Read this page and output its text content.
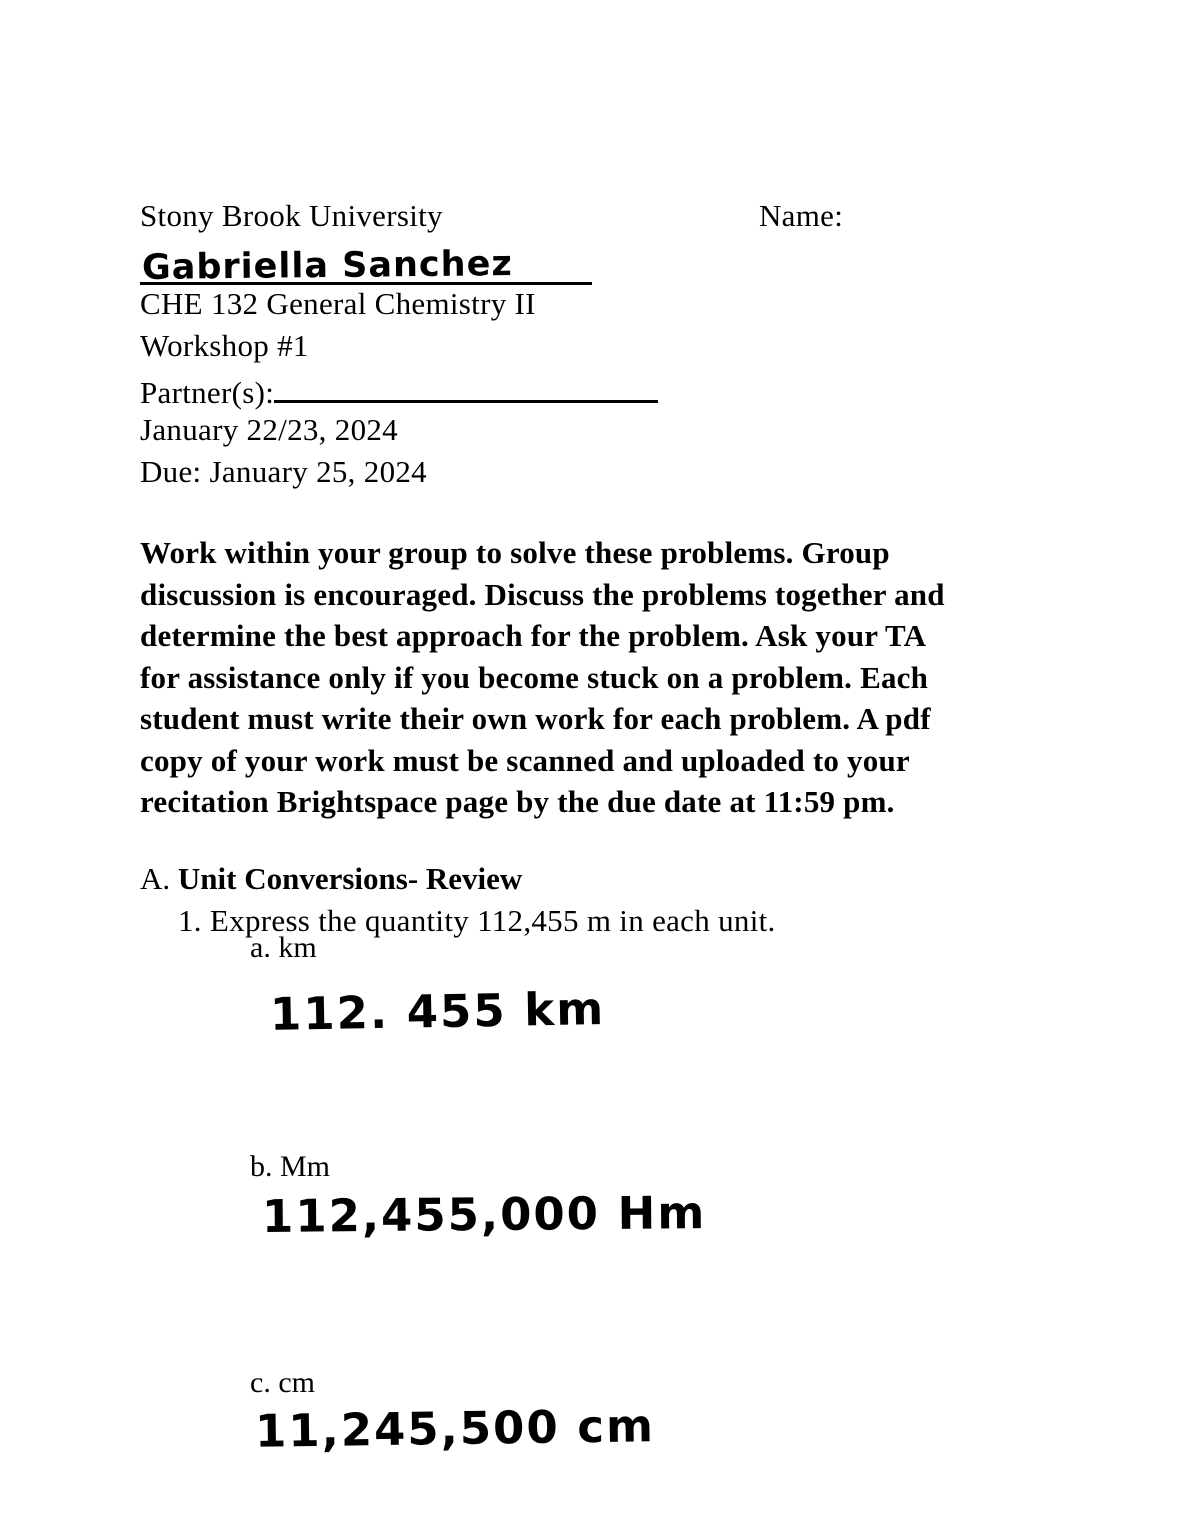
Stony Brook University	Name:
Gabriella Sanchez
CHE 132 General Chemistry II
Workshop #1
Partner(s):
January 22/23, 2024
Due: January 25, 2024
Work within your group to solve these problems. Group
discussion is encouraged. Discuss the problems together and
determine the best approach for the problem. Ask your TA
for assistance only if you become stuck on a problem. Each
student must write their own work for each problem. A pdf
copy of your work must be scanned and uploaded to your
recitation Brightspace page by the due date at 11:59 pm.
A. Unit Conversions- Review
1. Express the quantity 112,455 m in each unit.
a. km
112. 455 km
b. Mm
112,455,000 Hm
c. cm
11,245,500 cm
